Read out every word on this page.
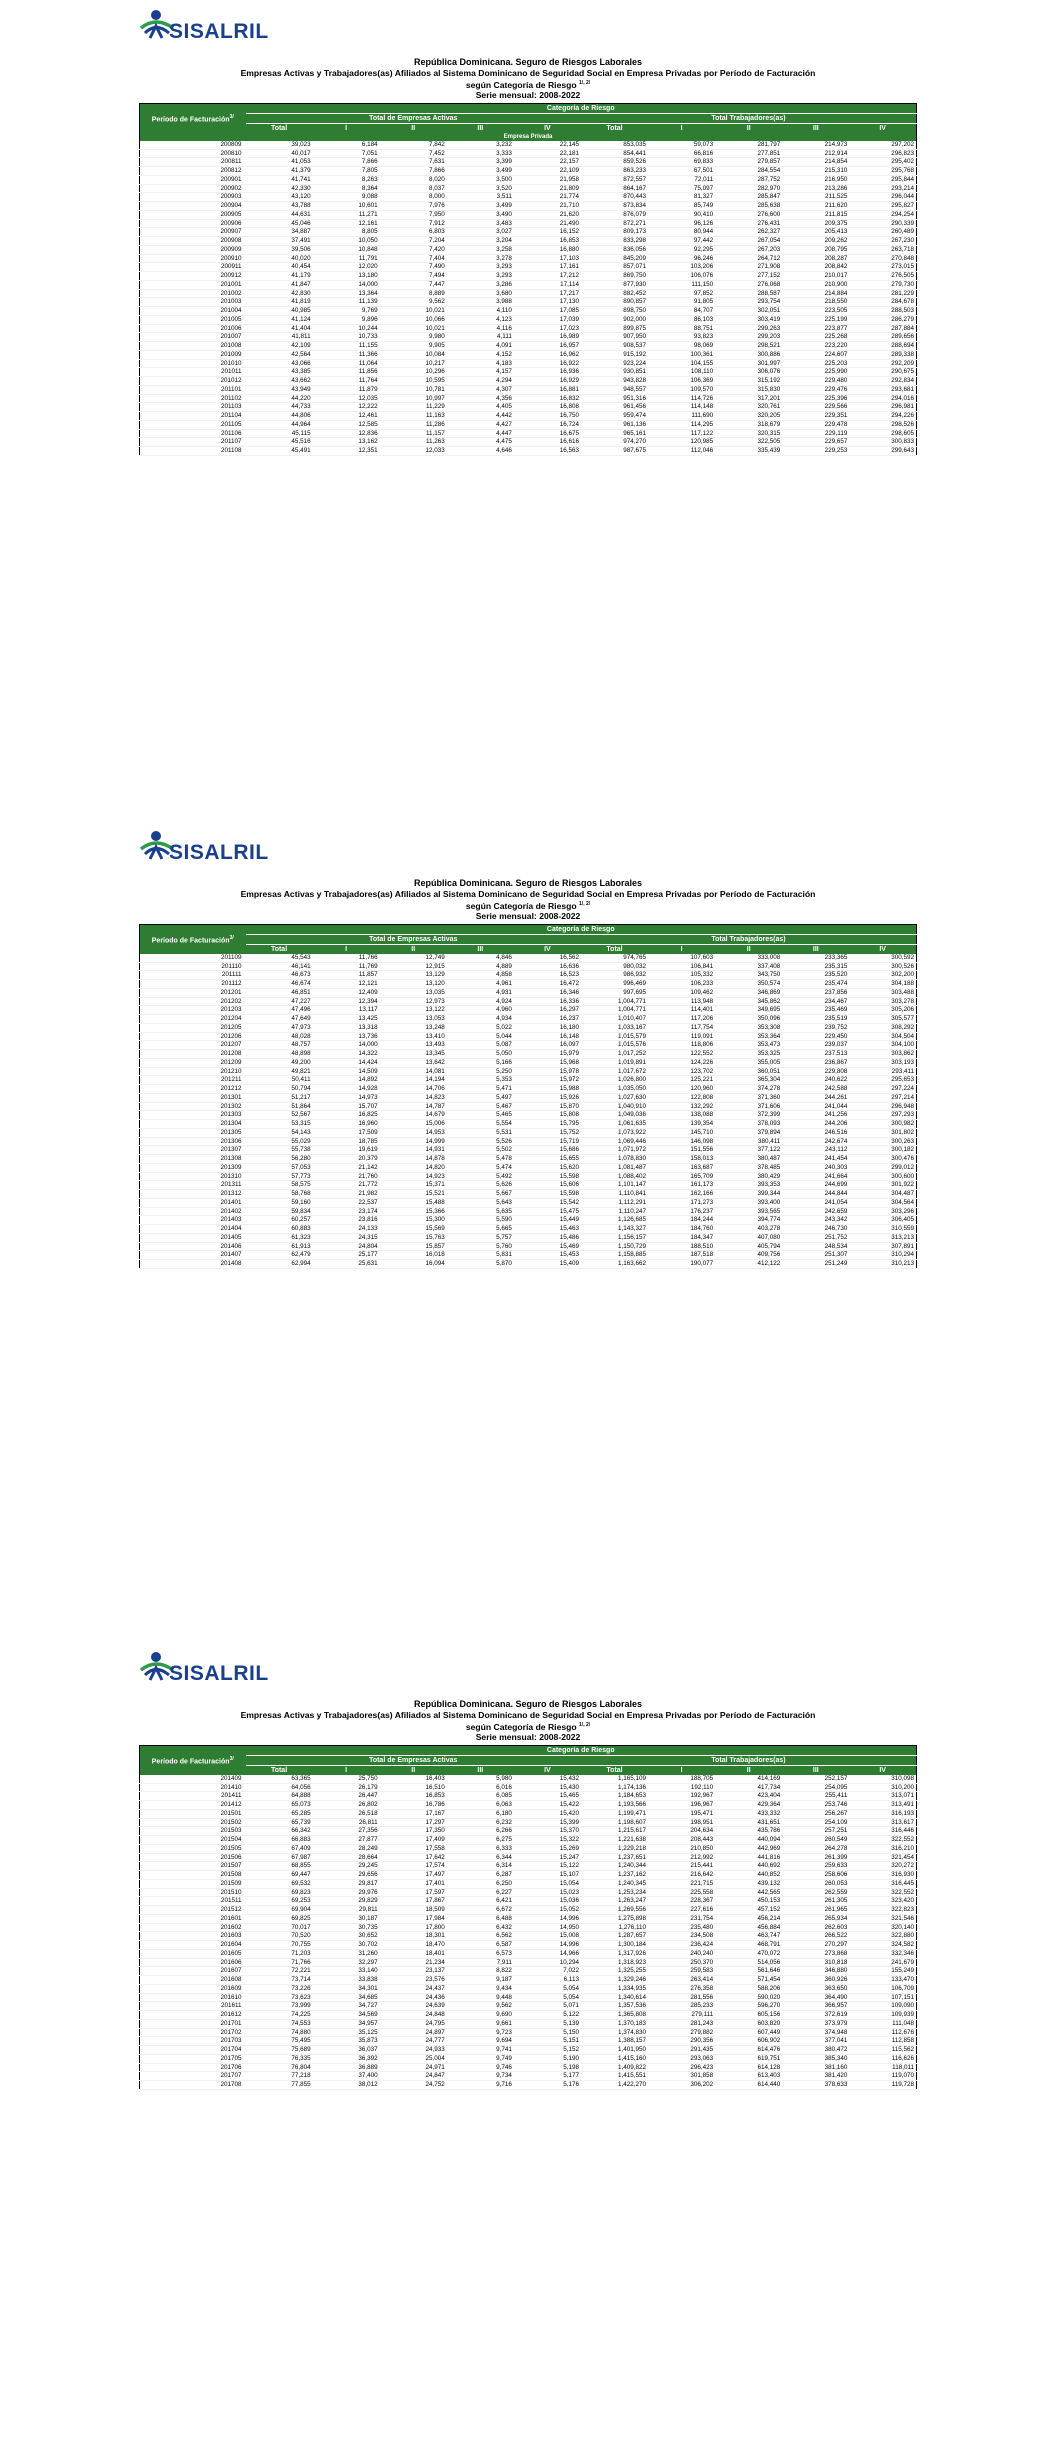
SISALRIL
República Dominicana. Seguro de Riesgos Laborales
Empresas Activas y Trabajadores(as) Afiliados al Sistema Dominicano de Seguridad Social en Empresa Privadas por Período de Facturación
según Categoría de Riesgo $^{1/, 2/}$
Serie mensual: 2008-2022
Período de Facturación$^{3/}$	Categoría de Riesgo									
	Total de Empresas Activas					Total Trabajadores(as)				
	Total	I	II	III	IV	Total	I	II	III	IV
Empresa Privada										
200809	39,023	6,184	7,842	3,232	22,145	853,035	59,073	281,797	214,973	297,202
200810	40,017	7,051	7,452	3,333	22,181	854,441	66,816	277,851	212,914	296,823
200811	41,053	7,866	7,631	3,399	22,157	859,526	69,833	279,857	214,854	295,402
200812	41,379	7,805	7,866	3,499	22,109	863,233	67,501	284,554	215,310	295,768
200901	41,741	8,263	8,020	3,500	21,958	872,557	72,011	287,752	216,950	295,844
200902	42,330	8,364	8,037	3,520	21,809	864,167	75,097	282,970	213,286	293,214
200903	43,120	9,088	8,000	3,511	21,774	870,443	81,327	285,847	211,525	296,044
200904	43,788	10,601	7,976	3,499	21,710	873,834	85,749	285,638	211,620	295,827
200905	44,631	11,271	7,950	3,490	21,620	876,079	90,410	276,600	211,815	294,254
200906	45,046	12,161	7,912	3,483	21,490	872,271	96,126	276,431	209,375	290,339
200907	34,887	8,805	6,803	3,027	16,152	809,173	80,944	262,327	205,413	260,489
200908	37,491	10,050	7,204	3,204	16,853	833,298	97,442	267,054	209,262	267,230
200909	39,506	10,848	7,420	3,258	16,880	836,056	92,295	267,203	208,795	263,718
200910	40,020	11,791	7,404	3,278	17,103	845,209	96,246	264,712	208,287	270,848
200911	40,454	12,020	7,490	3,293	17,161	857,071	103,206	271,908	208,842	273,015
200912	41,179	13,180	7,494	3,293	17,212	869,750	106,076	277,152	210,017	276,505
201001	41,847	14,000	7,447	3,286	17,114	877,930	111,150	276,068	210,900	279,730
201002	42,830	13,364	8,889	3,680	17,217	882,452	97,852	288,587	214,884	281,229
201003	41,819	11,139	9,562	3,988	17,130	890,857	91,805	293,754	218,550	284,678
201004	40,985	9,769	10,021	4,110	17,085	898,750	84,707	302,051	223,505	288,503
201005	41,124	9,896	10,066	4,123	17,039	902,000	86,103	303,419	225,199	286,279
201006	41,404	10,244	10,021	4,116	17,023	899,875	88,751	299,263	223,877	287,884
201007	41,811	10,733	9,980	4,111	16,989	907,950	93,823	299,203	225,268	289,656
201008	42,109	11,155	9,905	4,091	16,957	908,537	98,069	298,521	223,220	288,694
201009	42,564	11,366	10,084	4,152	16,962	915,192	100,361	300,886	224,607	289,338
201010	43,066	11,064	10,217	4,183	16,922	923,224	104,155	301,997	225,203	292,209
201011	43,385	11,856	10,296	4,157	16,936	930,851	108,110	306,076	225,990	290,675
201012	43,662	11,764	10,595	4,294	16,929	943,828	106,369	315,192	229,480	292,834
201101	43,949	11,879	10,781	4,307	16,881	948,557	109,570	315,830	229,476	293,681
201102	44,220	12,035	10,997	4,356	16,832	951,316	114,726	317,201	225,396	294,016
201103	44,733	12,222	11,229	4,405	16,808	961,456	114,148	320,761	229,566	296,981
201104	44,806	12,461	11,163	4,442	16,750	959,474	111,690	320,205	229,351	294,226
201105	44,964	12,585	11,286	4,427	16,724	961,136	114,295	318,679	229,478	298,526
201106	45,115	12,836	11,157	4,447	16,675	965,161	117,122	320,315	229,119	298,605
201107	45,516	13,162	11,263	4,475	16,616	974,270	120,985	322,505	229,657	300,833
201108	45,491	12,351	12,033	4,646	16,563	987,675	112,046	335,439	229,253	299,643
SISALRIL
República Dominicana. Seguro de Riesgos Laborales
Empresas Activas y Trabajadores(as) Afiliados al Sistema Dominicano de Seguridad Social en Empresa Privadas por Período de Facturación
según Categoría de Riesgo $^{1/, 2/}$
Serie mensual: 2008-2022
Período de Facturación$^{3/}$	Categoría de Riesgo									
	Total de Empresas Activas					Total Trabajadores(as)				
	Total	I	II	III	IV	Total	I	II	III	IV
201109	45,543	11,766	12,749	4,846	16,562	974,765	107,603	333,008	233,365	300,592
201110	46,141	11,769	12,915	4,889	16,636	980,032	106,841	337,408	235,315	300,526
201111	46,673	11,857	13,129	4,858	16,523	986,932	105,332	343,750	235,520	302,200
201112	46,674	12,121	13,120	4,961	16,472	996,469	106,233	350,574	235,474	304,188
201201	46,851	12,409	13,035	4,931	16,346	997,695	109,462	346,869	237,856	303,488
201202	47,227	12,394	12,973	4,924	16,336	1,004,771	113,948	345,862	234,467	303,278
201203	47,496	13,117	13,122	4,960	16,297	1,004,771	114,401	349,695	235,469	305,206
201204	47,649	13,425	13,053	4,934	16,237	1,010,407	117,206	350,096	235,519	305,577
201205	47,973	13,318	13,248	5,022	16,180	1,033,167	117,754	353,308	239,752	308,292
201206	48,028	13,736	13,410	5,044	16,148	1,015,579	119,091	353,364	229,450	304,504
201207	48,757	14,000	13,493	5,087	16,097	1,015,576	118,806	353,473	239,037	304,100
201208	48,898	14,322	13,345	5,050	15,979	1,017,252	122,552	353,325	237,513	303,862
201209	49,200	14,424	13,642	5,166	15,968	1,019,891	124,226	355,005	236,867	303,193
201210	49,821	14,509	14,081	5,250	15,978	1,017,672	123,702	360,051	229,808	293,411
201211	50,411	14,892	14,194	5,353	15,972	1,026,800	125,221	365,304	240,622	295,653
201212	50,794	14,928	14,706	5,471	15,988	1,035,050	120,960	374,278	242,588	297,224
201301	51,217	14,973	14,823	5,497	15,926	1,027,630	122,808	371,360	244,261	297,214
201302	51,864	15,707	14,787	5,467	15,870	1,040,910	132,292	371,606	241,044	296,948
201303	52,567	16,825	14,679	5,465	15,808	1,049,036	138,088	372,399	241,256	297,293
201304	53,315	16,960	15,006	5,554	15,795	1,061,635	139,354	378,093	244,206	300,982
201305	54,143	17,509	14,953	5,531	15,752	1,073,922	145,710	379,894	246,516	301,802
201306	55,029	18,785	14,999	5,526	15,719	1,069,446	146,098	380,411	242,674	300,263
201307	55,738	19,619	14,931	5,502	15,686	1,071,972	151,556	377,122	243,112	300,182
201308	56,280	20,379	14,878	5,478	15,655	1,078,830	158,013	380,487	241,454	300,476
201309	57,053	21,142	14,820	5,474	15,620	1,081,487	163,687	378,485	240,303	299,012
201310	57,773	21,760	14,923	5,492	15,598	1,088,402	165,709	380,429	241,664	300,600
201311	58,575	21,772	15,371	5,626	15,606	1,101,147	161,173	393,353	244,699	301,922
201312	58,768	21,982	15,521	5,667	15,598	1,110,841	162,166	399,344	244,844	304,487
201401	59,160	22,537	15,488	5,643	15,542	1,112,291	171,273	393,400	241,054	304,564
201402	59,834	23,174	15,366	5,635	15,475	1,110,247	176,237	393,565	242,659	303,296
201403	60,257	23,816	15,300	5,590	15,449	1,126,685	184,244	394,774	243,342	306,405
201404	60,883	24,133	15,569	5,665	15,463	1,143,327	184,760	403,278	246,730	310,559
201405	61,323	24,315	15,763	5,757	15,486	1,156,157	184,347	407,080	251,752	313,213
201406	61,913	24,804	15,857	5,760	15,469	1,150,729	188,510	405,794	248,534	307,891
201407	62,479	25,177	16,018	5,831	15,453	1,158,885	187,518	409,756	251,307	310,294
201408	62,994	25,631	16,094	5,870	15,409	1,163,662	190,077	412,122	251,249	310,213
SISALRIL
República Dominicana. Seguro de Riesgos Laborales
Empresas Activas y Trabajadores(as) Afiliados al Sistema Dominicano de Seguridad Social en Empresa Privadas por Período de Facturación
según Categoría de Riesgo $^{1/, 2/}$
Serie mensual: 2008-2022
Período de Facturación$^{3/}$	Categoría de Riesgo									
	Total de Empresas Activas					Total Trabajadores(as)				
	Total	I	II	III	IV	Total	I	II	III	IV
201409	63,365	25,750	16,403	5,980	15,432	1,165,109	188,705	414,169	252,157	310,098
201410	64,056	26,179	16,510	6,016	15,430	1,174,136	192,110	417,734	254,095	310,200
201411	64,888	26,447	16,853	6,085	15,465	1,184,653	192,967	423,404	255,411	313,071
201412	65,073	26,802	16,786	6,063	15,422	1,193,566	196,967	429,364	253,746	313,491
201501	65,285	26,518	17,167	6,180	15,420	1,199,471	195,471	433,332	256,267	316,193
201502	65,739	26,811	17,297	6,232	15,399	1,198,607	198,951	431,651	254,109	313,617
201503	66,342	27,356	17,350	6,266	15,370	1,215,617	204,634	435,786	257,251	316,446
201504	66,883	27,877	17,409	6,275	15,322	1,221,638	208,443	440,094	260,549	322,552
201505	67,409	28,249	17,558	6,333	15,269	1,229,218	210,850	442,969	264,278	316,210
201506	67,987	28,664	17,642	6,344	15,247	1,237,651	212,992	441,816	261,399	321,454
201507	68,855	29,245	17,574	6,314	15,122	1,240,344	215,441	440,692	259,633	320,272
201508	69,447	29,656	17,497	6,287	15,107	1,237,162	216,642	440,852	258,606	316,930
201509	69,532	29,817	17,401	6,250	15,054	1,240,345	221,715	439,132	260,053	316,445
201510	69,823	29,976	17,597	6,227	15,023	1,253,234	225,558	442,565	262,559	322,552
201511	69,253	29,829	17,867	6,421	15,036	1,263,247	228,367	450,153	261,305	323,420
201512	69,904	29,811	18,509	6,672	15,052	1,269,556	227,616	457,152	261,965	322,823
201601	69,825	30,187	17,984	6,488	14,996	1,275,898	231,754	456,214	265,934	321,546
201602	70,017	30,735	17,800	6,432	14,950	1,276,110	235,480	456,884	262,603	320,140
201603	70,520	30,652	18,301	6,562	15,008	1,287,657	234,508	463,747	266,522	322,880
201604	70,755	30,702	18,470	6,587	14,996	1,300,184	236,424	468,791	270,297	324,582
201605	71,203	31,260	18,401	6,573	14,966	1,317,926	240,240	470,072	273,868	332,346
201606	71,766	32,297	21,234	7,911	10,294	1,318,923	250,370	514,056	310,818	241,679
201607	72,221	33,140	23,137	8,822	7,022	1,325,255	259,583	561,646	346,880	155,249
201608	73,714	33,838	23,576	9,187	6,113	1,329,246	263,414	571,454	360,926	133,470
201609	73,226	34,301	24,437	9,434	5,054	1,334,935	276,358	588,206	363,650	106,709
201610	73,623	34,685	24,436	9,448	5,054	1,340,614	281,556	590,020	364,490	107,151
201611	73,999	34,727	24,639	9,562	5,071	1,357,536	285,233	596,270	366,957	109,090
201612	74,225	34,569	24,848	9,690	5,122	1,365,808	279,111	605,156	372,619	109,939
201701	74,553	34,957	24,795	9,661	5,139	1,370,183	281,243	603,820	373,979	111,048
201702	74,880	35,125	24,897	9,723	5,150	1,374,830	279,882	607,449	374,948	112,676
201703	75,495	35,873	24,777	9,694	5,151	1,388,157	290,356	606,902	377,041	112,858
201704	75,689	36,037	24,933	9,741	5,152	1,401,950	291,435	614,476	380,472	115,562
201705	76,335	36,392	25,004	9,749	5,190	1,415,160	293,063	619,751	385,340	116,626
201706	76,804	36,889	24,971	9,746	5,198	1,409,822	296,423	614,128	381,160	118,011
201707	77,218	37,400	24,847	9,734	5,177	1,415,551	301,858	613,403	381,420	119,070
201708	77,855	38,012	24,752	9,716	5,176	1,422,270	306,202	614,440	378,633	119,728
